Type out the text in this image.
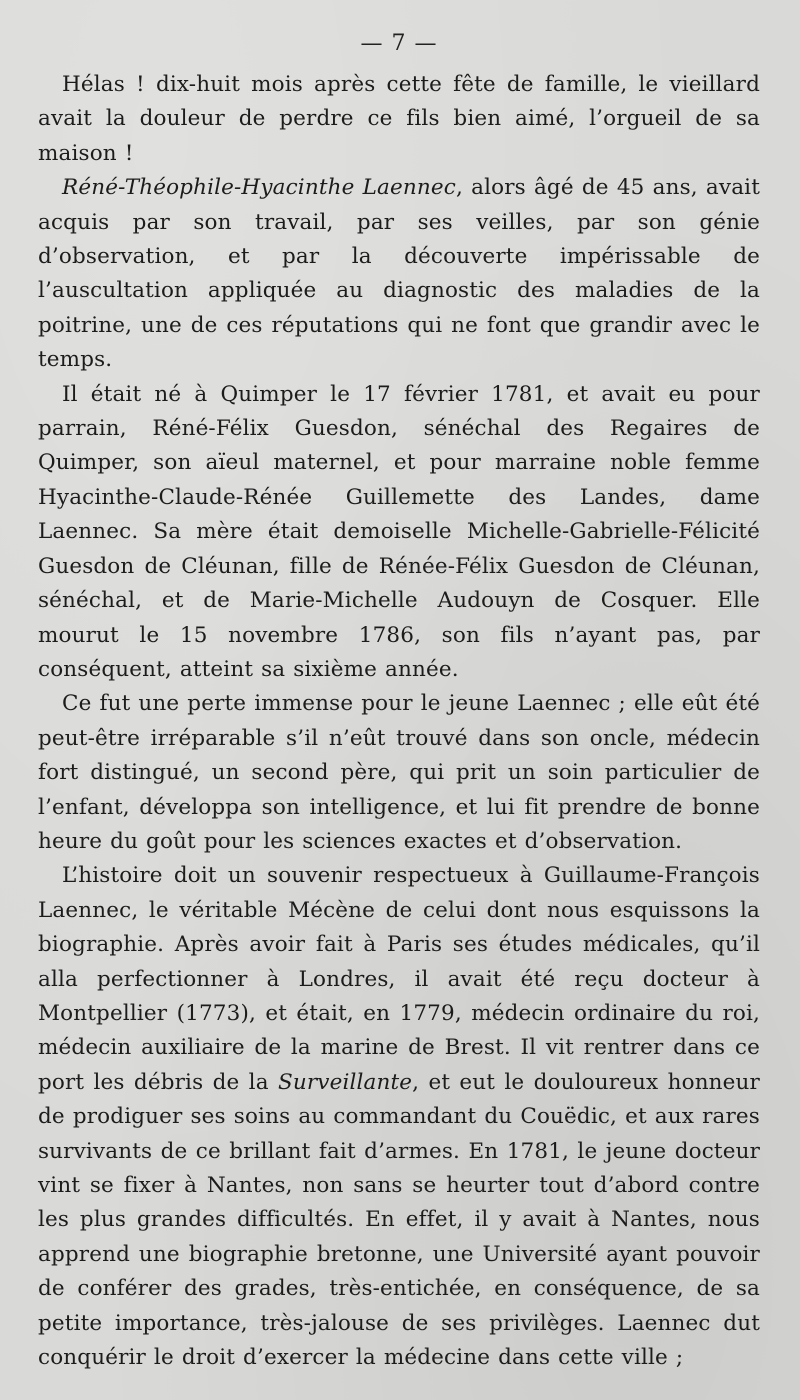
— 7 —

Hélas ! dix-huit mois après cette fête de famille, le vieillard avait la douleur de perdre ce fils bien aimé, l’orgueil de sa maison !

Réné-Théophile-Hyacinthe Laennec, alors âgé de 45 ans, avait acquis par son travail, par ses veilles, par son génie d’observation, et par la découverte impérissable de l’auscultation appliquée au diagnostic des maladies de la poitrine, une de ces réputations qui ne font que grandir avec le temps.

Il était né à Quimper le 17 février 1781, et avait eu pour parrain, Réné-Félix Guesdon, sénéchal des Regaires de Quimper, son aïeul maternel, et pour marraine noble femme Hyacinthe-Claude-Rénée Guillemette des Landes, dame Laennec. Sa mère était demoiselle Michelle-Gabrielle-Félicité Guesdon de Cléunan, fille de Rénée-Félix Guesdon de Cléunan, sénéchal, et de Marie-Michelle Audouyn de Cosquer. Elle mourut le 15 novembre 1786, son fils n’ayant pas, par conséquent, atteint sa sixième année.

Ce fut une perte immense pour le jeune Laennec ; elle eût été peut-être irréparable s’il n’eût trouvé dans son oncle, médecin fort distingué, un second père, qui prit un soin particulier de l’enfant, développa son intelligence, et lui fit prendre de bonne heure du goût pour les sciences exactes et d’observation.

L’histoire doit un souvenir respectueux à Guillaume-François Laennec, le véritable Mécène de celui dont nous esquissons la biographie. Après avoir fait à Paris ses études médicales, qu’il alla perfectionner à Londres, il avait été reçu docteur à Montpellier (1773), et était, en 1779, médecin ordinaire du roi, médecin auxiliaire de la marine de Brest. Il vit rentrer dans ce port les débris de la Surveillante, et eut le douloureux honneur de prodiguer ses soins au commandant du Couëdic, et aux rares survivants de ce brillant fait d’armes. En 1781, le jeune docteur vint se fixer à Nantes, non sans se heurter tout d’abord contre les plus grandes difficultés. En effet, il y avait à Nantes, nous apprend une biographie bretonne, une Université ayant pouvoir de conférer des grades, très-entichée, en conséquence, de sa petite importance, très-jalouse de ses privilèges. Laennec dut conquérir le droit d’exercer la médecine dans cette ville ;
